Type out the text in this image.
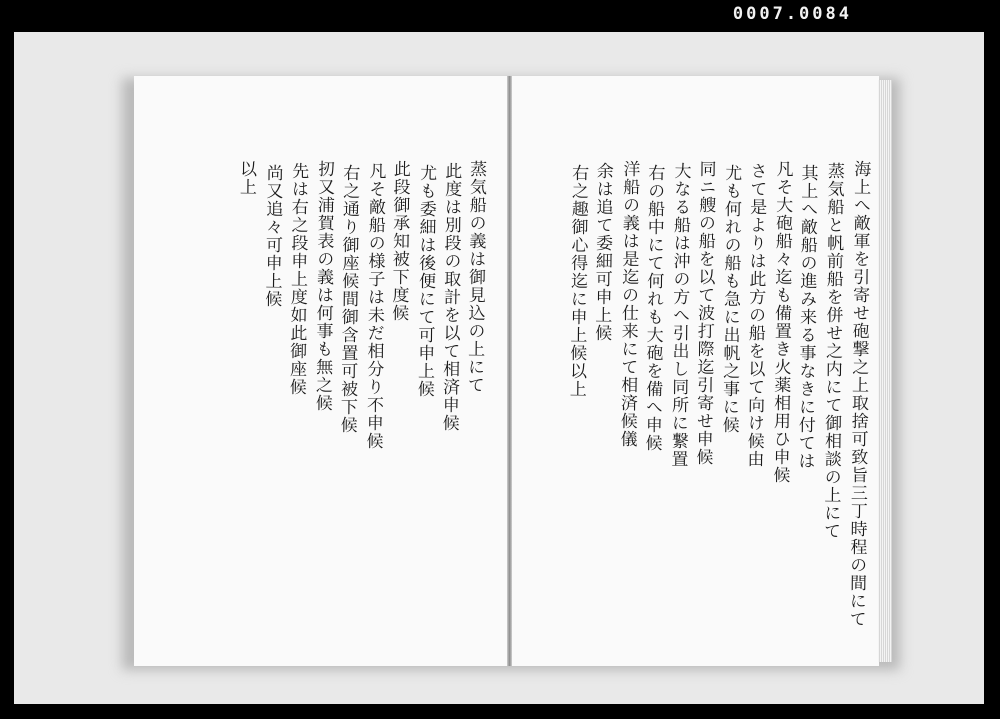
0007.0084
海上へ敵軍を引寄せ砲撃之上取捨可致旨三丁時程の間にて
蒸気船と帆前船を併せ之内にて御相談の上にて
其上へ敵船の進み来る事なきに付ては
凡そ大砲船々迄も備置き火薬相用ひ申候
さて是よりは此方の船を以て向け候由
尤も何れの船も急に出帆之事に候
同ニ艘の船を以て波打際迄引寄せ申候
大なる船は沖の方へ引出し同所に繋置
右の船中にて何れも大砲を備へ申候
洋船の義は是迄の仕来にて相済候儀
余は追て委細可申上候
右之趣御心得迄に申上候以上
蒸気船の義は御見込の上にて
此度は別段の取計を以て相済申候
尤も委細は後便にて可申上候
此段御承知被下度候
凡そ敵船の様子は未だ相分り不申候
右之通り御座候間御含置可被下候
扨又浦賀表の義は何事も無之候
先は右之段申上度如此御座候
尚又追々可申上候
以上
